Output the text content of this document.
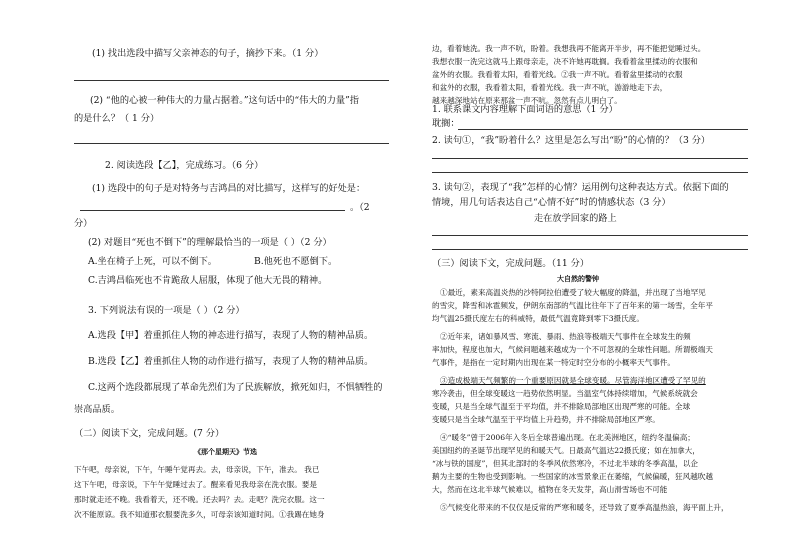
(1) 找出选段中描写父亲神态的句子，摘抄下来。（1 分）
(2) “他的心被一种伟大的力量占据着。”这句话中的“伟大的力量”指
的是什么？（ 1 分）
2. 阅读选段【乙】，完成练习。（6 分）
(1) 选段中的句子是对特务与吉鸿昌的对比描写，这样写的好处是：
。（2
分）
(2) 对题目“死也不倒下”的理解最恰当的一项是（ ）（2 分）
A.坐在椅子上死，可以不倒下。	B.他死也不愿倒下。
C.吉鸿昌临死也不肯跪敌人屈服，体现了他大无畏的精神。
3. 下列说法有误的一项是（ ）（2 分）
A.选段【甲】着重抓住人物的神态进行描写，表现了人物的精神品质。
B.选段【乙】着重抓住人物的动作进行描写，表现了人物的精神品质。
C.这两个选段都展现了革命先烈们为了民族解放，掀死如归，不惧牺牲的
崇高品质。
（二）阅读下文，完成问题。(7 分）
《那个星期天》节选
下午吧，母亲说，下午，午睡午觉再去。去，母亲说，下午，准去。 我已
这下午吧，母亲说，下午午觉睡过去了。醒来看见我母亲在洗衣服。要是
那时就走还不晚。我看着天，还不晚。还去吗？去。走吧？洗完衣服。这一
次不能原谅。我不知道那衣服要洗多久，可母亲该知道时间。①我踢在她身
边，看着她洗。我一声不吭，盼着。我想我再不能离开半步，再不能把觉睡过头。
我想衣服一洗完这就马上跟母亲走，决不许她再耽搁。我看着盆里揉动的衣服和
盆外的衣服。我看着太阳，看着光线。②我一声不吭。看着盆里揉动的衣服
和盆外的衣服，我看着太阳，看着光线。我一声不吭，游游地走下去，
越来越深地站在原来那盆一声不吭。忽然有点儿明白了。
1. 联系课文内容理解下面词语的意思（1 分）
耽搁：
2. 读句①，“我”盼着什么？这里是怎么写出“盼”的心情的？（3 分）
3. 读句②，表现了“我”怎样的心情？运用例句这种表达方式。依据下面的
情境，用几句话表达自己“心情不好”时的情感状态（3 分）
走在放学回家的路上
（三）阅读下文，完成问题。（11 分）
大自然的警钟
①最近，素来高温炎热的沙特阿拉伯遭受了较大幅度的降温，并出现了当地罕见
的雪灾，降雪和冰雹频发，伊朗东南部的气温比往年下了百年来的第一场雪，全年平
均气温25摄氏度左右的科威特，最低气温竟降到零下3摄氏度。
②近年来，诸如暴风雪、寒流、暴雨、热浪等极端天气事件在全球发生的频
率加快，程度也加大，气候问题越来越成为一个不可忽视的全球性问题。所谓极端天
气事件，是指在一定时期内出现在某一特定时空分布的小概率天气事件。
③造成极端天气频繁的一个重要原因就是全球变暖。尽管海洋地区遭受了罕见的
寒冷袭击，但全球变暖这一趋势依然明显。当温室气体持续增加，气候系统就会
变暖，只是当全球气温至于平均值，并不排除局部地区出现严寒的可能。全球
变暖只是当全球气温至于平均值上升趋势，并不排除局部地区严寒。
④“暖冬”曾于2006年入冬后全球普遍出现。在北美洲地区，纽约冬温偏高；
美国纽约的圣诞节出现罕见的和暖天气。日最高气温达22摄氏度；如在加拿大，
“冰与铁的国度”，但其北部时的冬季风依然寒冷，不过北半球的冬季高温，以企
鹅为主要的生物也受到影响。一些国家的冰雪景象正在萎缩，气候偏暖，狂风越吹越
大，然而在这北半球气候难以，植物在冬天发芽，高山滑雪场也不可能
⑤气候变化带来的不仅仅是反常的严寒和暖冬，还导致了夏季高温热浪，海平面上升，
